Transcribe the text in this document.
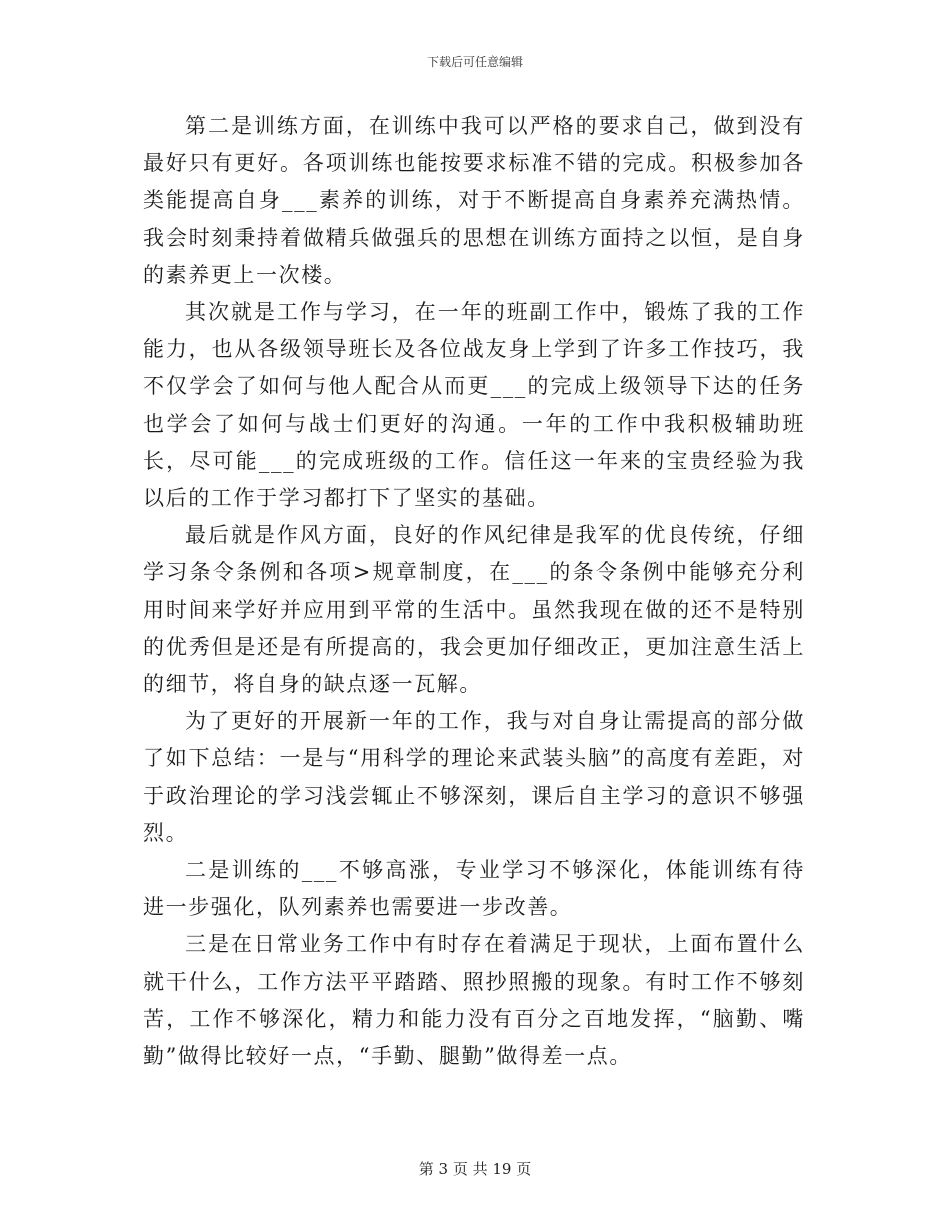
下载后可任意编辑

第二是训练方面，在训练中我可以严格的要求自己，做到没有最好只有更好。各项训练也能按要求标准不错的完成。积极参加各类能提高自身___素养的训练，对于不断提高自身素养充满热情。我会时刻秉持着做精兵做强兵的思想在训练方面持之以恒，是自身的素养更上一次楼。

其次就是工作与学习，在一年的班副工作中，锻炼了我的工作能力，也从各级领导班长及各位战友身上学到了许多工作技巧，我不仅学会了如何与他人配合从而更___的完成上级领导下达的任务也学会了如何与战士们更好的沟通。一年的工作中我积极辅助班长，尽可能___的完成班级的工作。信任这一年来的宝贵经验为我以后的工作于学习都打下了坚实的基础。

最后就是作风方面，良好的作风纪律是我军的优良传统，仔细学习条令条例和各项>规章制度，在___的条令条例中能够充分利用时间来学好并应用到平常的生活中。虽然我现在做的还不是特别的优秀但是还是有所提高的，我会更加仔细改正，更加注意生活上的细节，将自身的缺点逐一瓦解。

为了更好的开展新一年的工作，我与对自身让需提高的部分做了如下总结：一是与“用科学的理论来武装头脑”的高度有差距，对于政治理论的学习浅尝辄止不够深刻，课后自主学习的意识不够强烈。

二是训练的___不够高涨，专业学习不够深化，体能训练有待进一步强化，队列素养也需要进一步改善。

三是在日常业务工作中有时存在着满足于现状，上面布置什么就干什么，工作方法平平踏踏、照抄照搬的现象。有时工作不够刻苦，工作不够深化，精力和能力没有百分之百地发挥，“脑勤、嘴勤”做得比较好一点，“手勤、腿勤”做得差一点。

第 3 页 共 19 页
